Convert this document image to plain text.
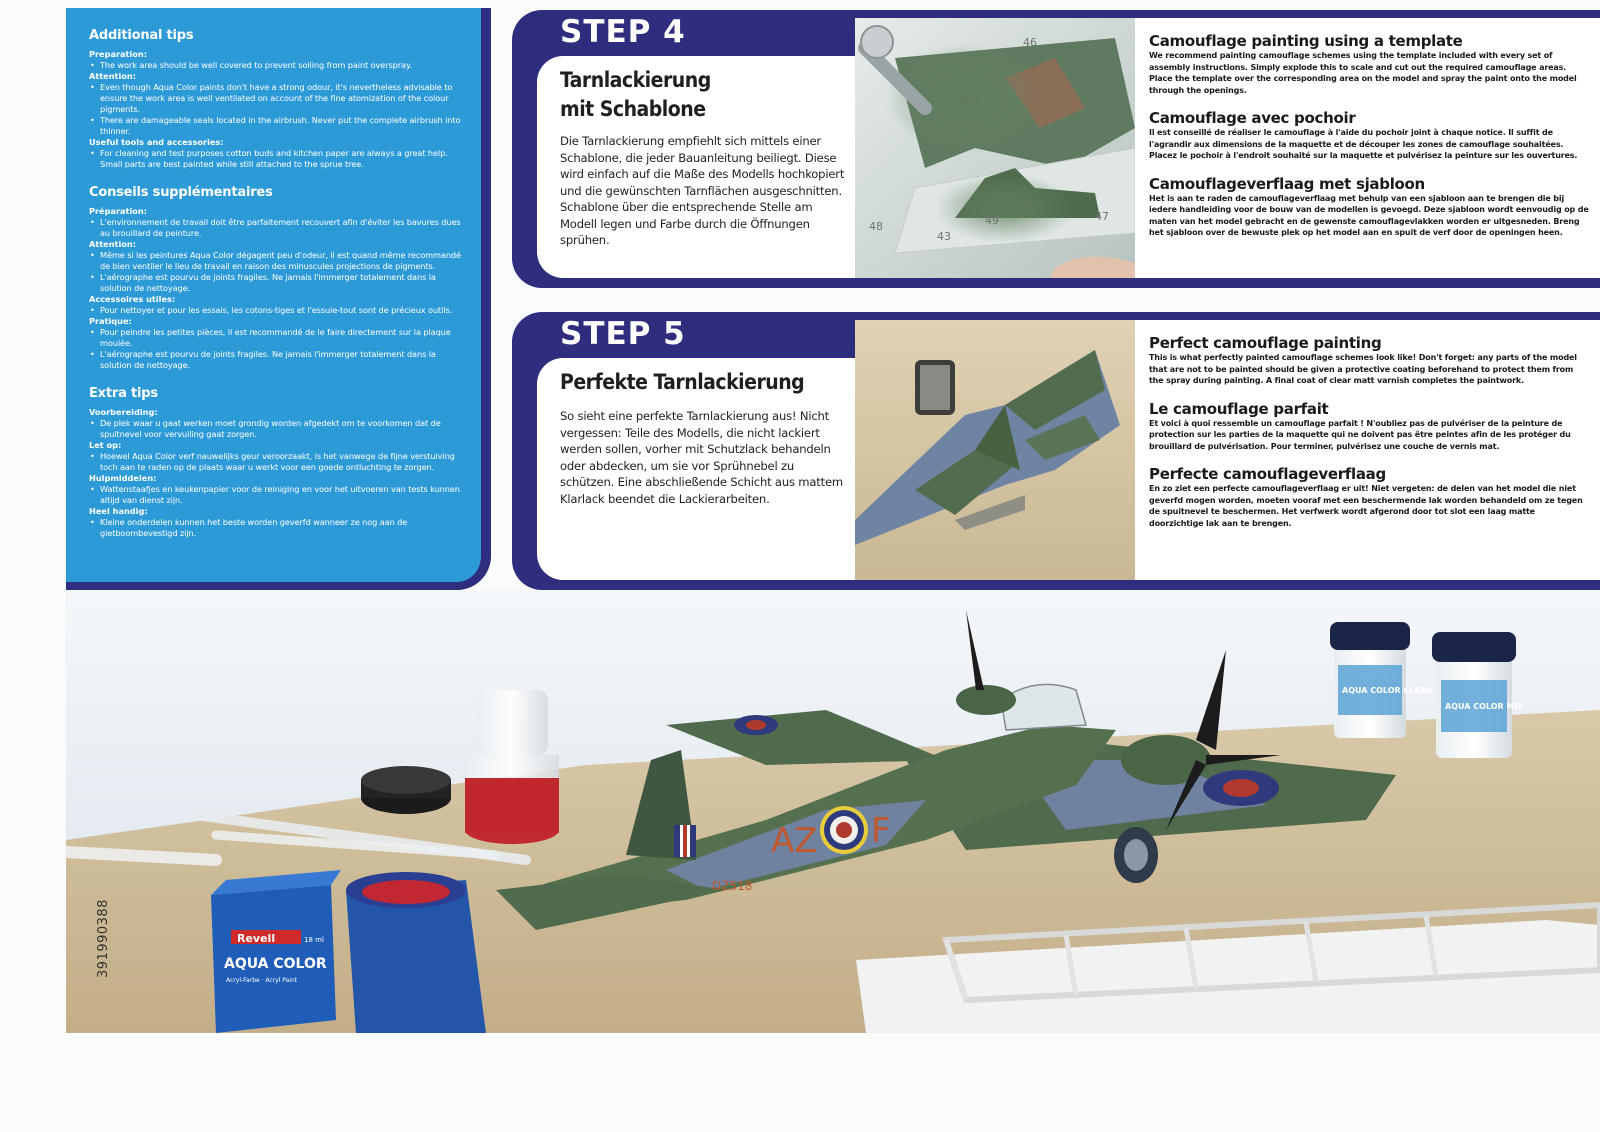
Additional tips
Preparation:
• The work area should be well covered to prevent soiling from paint overspray.
Attention:
• Even though Aqua Color paints don't have a strong odour, it's nevertheless advisable to ensure the work area is well ventilated on account of the fine atomization of the colour pigments.
• There are damageable seals located in the airbrush. Never put the complete airbrush into thinner.
Useful tools and accessories:
• For cleaning and test purposes cotton buds and kitchen paper are always a great help. Small parts are best painted while still attached to the sprue tree.
Conseils supplémentaires
Préparation:
• L'environnement de travail doit être parfaitement recouvert afin d'éviter les bavures dues au brouillard de peinture.
Attention:
• Même si les peintures Aqua Color dégagent peu d'odeur, il est quand même recommandé de bien ventiler le lieu de travail en raison des minuscules projections de pigments.
• L'aérographe est pourvu de joints fragiles. Ne jamais l'immerger totalement dans la solution de nettoyage.
Accessoires utiles:
• Pour nettoyer et pour les essais, les cotons-tiges et l'essuie-tout sont de précieux outils.
Pratique:
• Pour peindre les petites pièces, il est recommandé de le faire directement sur la plaque moulée.
• L'aérographe est pourvu de joints fragiles. Ne jamais l'immerger totalement dans la solution de nettoyage.
Extra tips
Voorbereiding:
• De plek waar u gaat werken moet grondig worden afgedekt om te voorkomen dat de spuitnevel voor vervuiling gaat zorgen.
Let op:
• Hoewel Aqua Color verf nauwelijks geur veroorzaakt, is het vanwege de fijne verstuiving toch aan te raden op de plaats waar u werkt voor een goede ontluchting te zorgen.
Hulpmiddelen:
• Wattenstaafjes en keukenpapier voor de reiniging en voor het uitvoeren van tests kunnen altijd van dienst zijn.
Heel handig:
• Kleine onderdelen kunnen het beste worden geverfd wanneer ze nog aan de gietboombevestigd zijn.
STEP 4
Tarnlackierung
mit Schablone
Die Tarnlackierung empfiehlt sich mittels einer Schablone, die jeder Bauanleitung beiliegt. Diese wird einfach auf die Maße des Modells hochkopiert und die gewünschten Tarnflächen ausgeschnitten. Schablone über die entsprechende Stelle am Modell legen und Farbe durch die Öffnungen sprühen.
48
43
46
47
49
Camouflage painting using a template
We recommend painting camouflage schemes using the template included with every set of assembly instructions. Simply explode this to scale and cut out the required camouflage areas. Place the template over the corresponding area on the model and spray the paint onto the model through the openings.
Camouflage avec pochoir
Il est conseillé de réaliser le camouflage à l'aide du pochoir joint à chaque notice. Il suffit de l'agrandir aux dimensions de la maquette et de découper les zones de camouflage souhaitées. Placez le pochoir à l'endroit souhaité sur la maquette et pulvérisez la peinture sur les ouvertures.
Camouflageverflaag met sjabloon
Het is aan te raden de camouflageverflaag met behulp van een sjabloon aan te brengen die bij iedere handleiding voor de bouw van de modellen is gevoegd. Deze sjabloon wordt eenvoudig op de maten van het model gebracht en de gewenste camouflagevlakken worden er uitgesneden. Breng het sjabloon over de bewuste plek op het model aan en spuit de verf door de openingen heen.
STEP 5
Perfekte Tarnlackierung
So sieht eine perfekte Tarnlackierung aus! Nicht vergessen: Teile des Modells, die nicht lackiert werden sollen, vorher mit Schutzlack behandeln oder abdecken, um sie vor Sprühnebel zu schützen. Eine abschließende Schicht aus mattem Klarlack beendet die Lackierarbeiten.
Perfect camouflage painting
This is what perfectly painted camouflage schemes look like! Don't forget: any parts of the model that are not to be painted should be given a protective coating beforehand to protect them from the spray during painting. A final coat of clear matt varnish completes the paintwork.
Le camouflage parfait
Et voici à quoi ressemble un camouflage parfait ! N'oubliez pas de pulvériser de la peinture de protection sur les parties de la maquette qui ne doivent pas être peintes afin de les protéger du brouillard de pulvérisation. Pour terminer, pulvérisez une couche de vernis mat.
Perfecte camouflageverflaag
En zo ziet een perfecte camouflageverflaag er uit! Niet vergeten: de delen van het model die niet geverfd mogen worden, moeten vooraf met een beschermende lak worden behandeld om ze tegen de spuitnevel te beschermen. Het verfwerk wordt afgerond door tot slot een laag matte doorzichtige lak aan te brengen.
Revell	18 ml
AQUA COLOR
Acryl-Farbe · Acryl Paint
AQUA COLOR CLEAN
AQUA COLOR MIX
AZ F
DZ518
391990388
